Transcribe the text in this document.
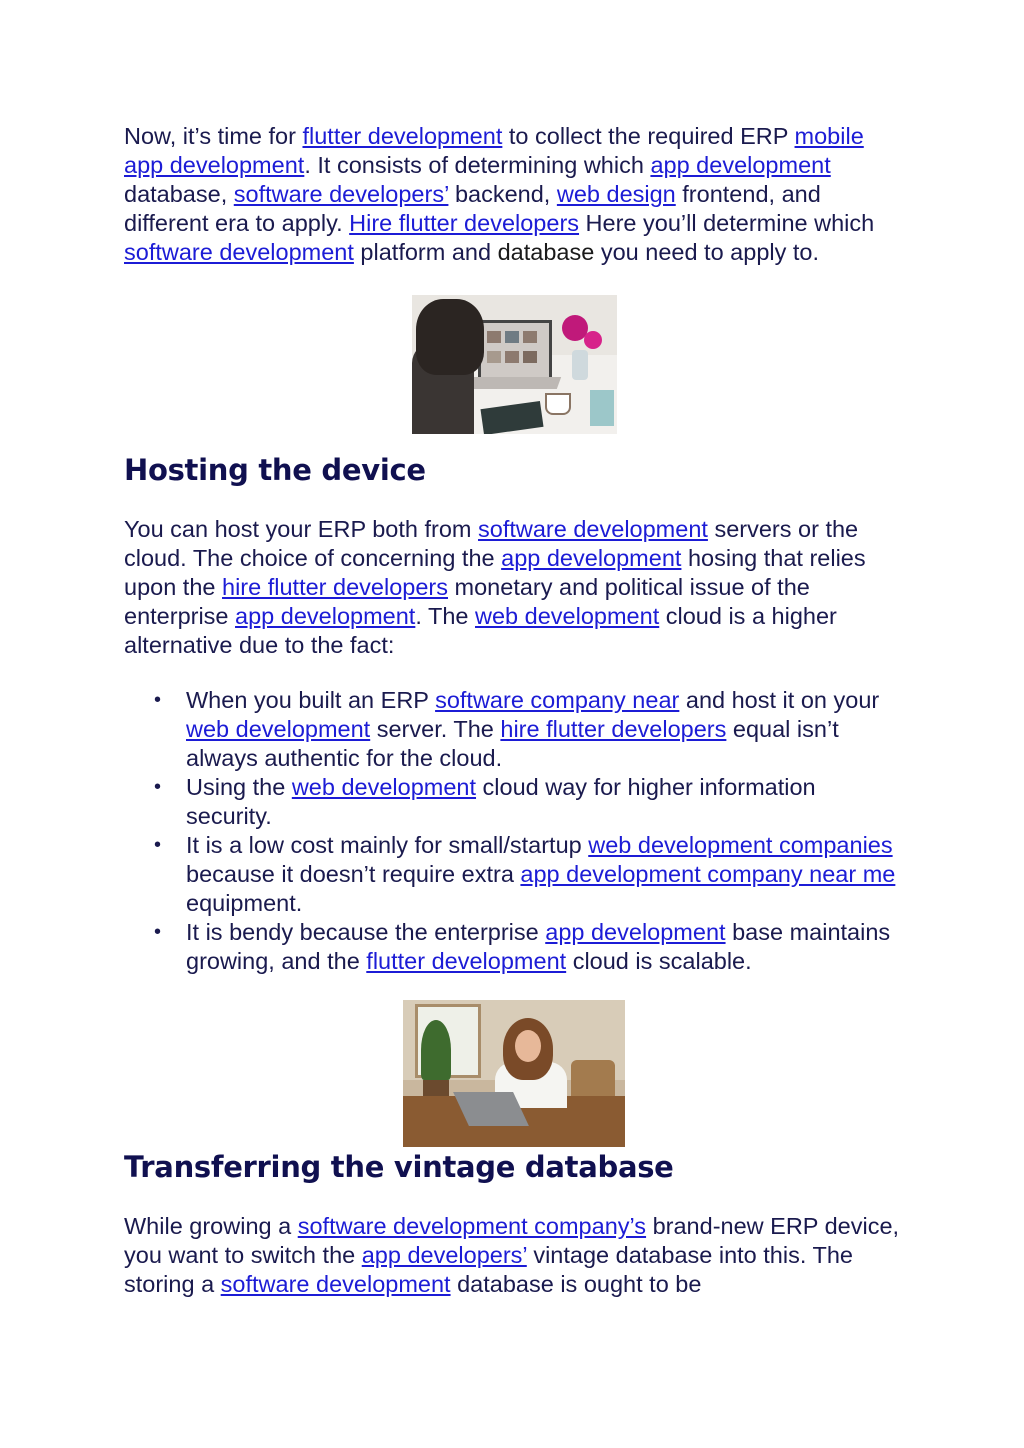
Now, it’s time for flutter development to collect the required ERP mobile app development. It consists of determining which app development database, software developers’ backend, web design frontend, and different era to apply. Hire flutter developers Here you’ll determine which software development platform and database you need to apply to.

Hosting the device

You can host your ERP both from software development servers or the cloud. The choice of concerning the app development hosing that relies upon the hire flutter developers monetary and political issue of the enterprise app development. The web development cloud is a higher alternative due to the fact:

• When you built an ERP software company near and host it on your web development server. The hire flutter developers equal isn’t always authentic for the cloud.
• Using the web development cloud way for higher information security.
• It is a low cost mainly for small/startup web development companies because it doesn’t require extra app development company near me equipment.
• It is bendy because the enterprise app development base maintains growing, and the flutter development cloud is scalable.
Transferring the vintage database

While growing a software development company’s brand-new ERP device, you want to switch the app developers’ vintage database into this. The storing a software development database is ought to be
